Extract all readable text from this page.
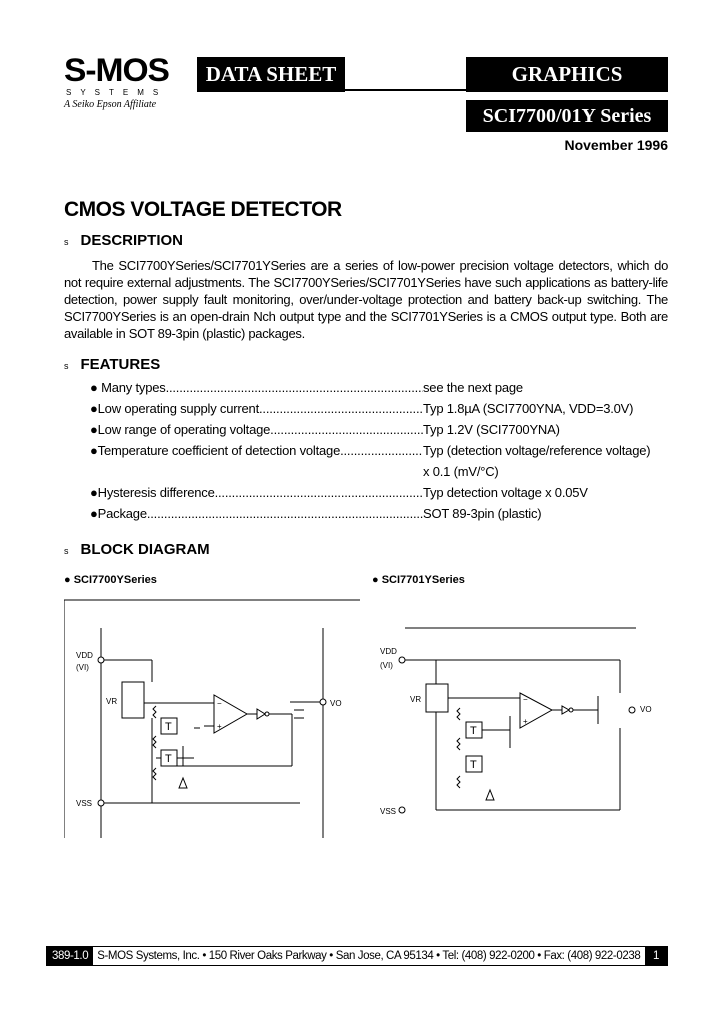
S-MOS
SYSTEMS
A Seiko Epson Affiliate
DATA SHEET	GRAPHICS
SCI7700/01Y Series
November 1996
CMOS VOLTAGE DETECTOR
s DESCRIPTION
The SCI7700YSeries/SCI7701YSeries are a series of low-power precision voltage detectors, which do not require external adjustments. The SCI7700YSeries/SCI7701YSeries have such applications as battery-life detection, power supply fault monitoring, over/under-voltage protection and battery back-up switching. The SCI7700YSeries is an open-drain Nch output type and the SCI7701YSeries is a CMOS output type. Both are available in SOT 89-3pin (plastic) packages.
s FEATURES
●
Many types .....	see the next page
● Low operating supply current .....	Typ 1.8µA (SCI7700YNA, VDD=3.0V)
● Low range of operating voltage .....	Typ 1.2V (SCI7700YNA)
● Temperature coefficient of detection voltage .....	Typ (detection voltage/reference voltage)
x 0.1 (mV/°C)
● Hysteresis difference .....	Typ detection voltage x 0.05V
● Package .....	SOT 89-3pin (plastic)
s BLOCK DIAGRAM
● SCI7700YSeries	● SCI7701YSeries
VDD
(VI)
VR
VSS
VO
T
T
−
+
VDD
(VI)
VR
VSS
VO
T
T
−
+
389-1.0 S-MOS Systems, Inc. • 150 River Oaks Parkway • San Jose, CA 95134 • Tel: (408) 922-0200 • Fax: (408) 922-0238	1
